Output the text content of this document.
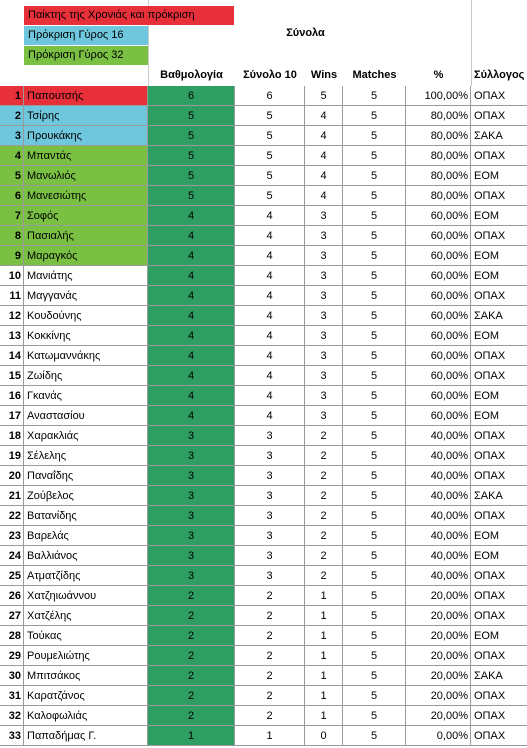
Παίκτης της Χρονιάς και πρόκριση
Πρόκριση Γύρος 16
Πρόκριση Γύρος 32
Σύνολα
Βαθμολογία	Σύνολο 10	Wins	Matches	%	Σύλλογος
1 Παπουτσής	6	6	5	5	100,00% ΟΠΑΧ
2 Τσίρης	5	5	4	5	80,00% ΟΠΑΧ
3 Προυκάκης	5	5	4	5	80,00% ΣΑΚΑ
4 Μπαντάς	5	5	4	5	80,00% ΟΠΑΧ
5 Μανωλιός	5	5	4	5	80,00% ΕΟΜ
6 Μανεσιώτης	5	5	4	5	80,00% ΟΠΑΧ
7 Σοφός	4	4	3	5	60,00% ΕΟΜ
8 Πασιαλής	4	4	3	5	60,00% ΟΠΑΧ
9 Μαραγκός	4	4	3	5	60,00% ΕΟΜ
10 Μανιάτης	4	4	3	5	60,00% ΕΟΜ
11 Μαγγανάς	4	4	3	5	60,00% ΟΠΑΧ
12 Κουδούνης	4	4	3	5	60,00% ΣΑΚΑ
13 Κοκκίνης	4	4	3	5	60,00% ΕΟΜ
14 Κατωμαννάκης	4	4	3	5	60,00% ΟΠΑΧ
15 Ζωίδης	4	4	3	5	60,00% ΟΠΑΧ
16 Γκανάς	4	4	3	5	60,00% ΕΟΜ
17 Αναστασίου	4	4	3	5	60,00% ΕΟΜ
18 Χαρακλιάς	3	3	2	5	40,00% ΟΠΑΧ
19 Σέλελης	3	3	2	5	40,00% ΟΠΑΧ
20 Παναΐδης	3	3	2	5	40,00% ΟΠΑΧ
21 Ζούβελος	3	3	2	5	40,00% ΣΑΚΑ
22 Βατανίδης	3	3	2	5	40,00% ΟΠΑΧ
23 Βαρελάς	3	3	2	5	40,00% ΕΟΜ
24 Βαλλιάνος	3	3	2	5	40,00% ΕΟΜ
25 Ατματζίδης	3	3	2	5	40,00% ΟΠΑΧ
26 Χατζηιωάννου	2	2	1	5	20,00% ΟΠΑΧ
27 Χατζέλης	2	2	1	5	20,00% ΟΠΑΧ
28 Τούκας	2	2	1	5	20,00% ΕΟΜ
29 Ρουμελιώτης	2	2	1	5	20,00% ΟΠΑΧ
30 Μπιτσάκος	2	2	1	5	20,00% ΣΑΚΑ
31 Καρατζάνος	2	2	1	5	20,00% ΟΠΑΧ
32 Καλοφωλιάς	2	2	1	5	20,00% ΟΠΑΧ
33 Παπαδήμας Γ.	1	1	0	5	0,00% ΟΠΑΧ
